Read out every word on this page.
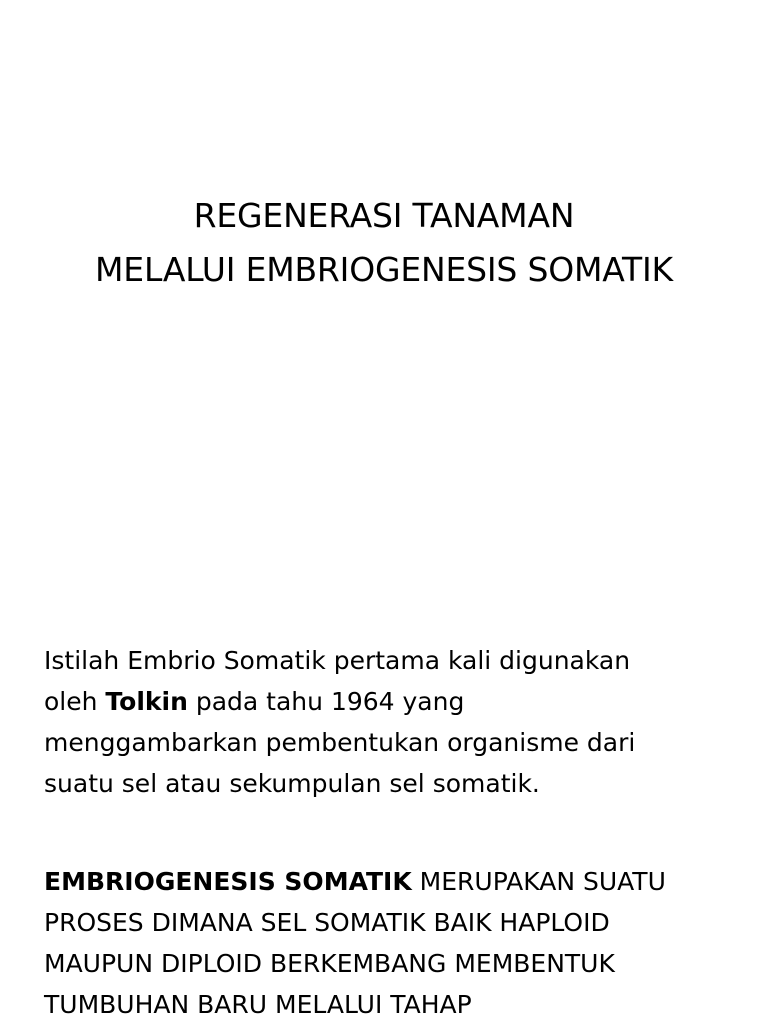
REGENERASI TANAMAN
MELALUI EMBRIOGENESIS SOMATIK
Istilah Embrio Somatik pertama kali digunakan
oleh Tolkin pada tahu 1964 yang
menggambarkan pembentukan organisme dari
suatu sel atau sekumpulan sel somatik.
EMBRIOGENESIS SOMATIK MERUPAKAN SUATU
PROSES DIMANA SEL SOMATIK BAIK HAPLOID
MAUPUN DIPLOID BERKEMBANG MEMBENTUK
TUMBUHAN BARU MELALUI TAHAP
